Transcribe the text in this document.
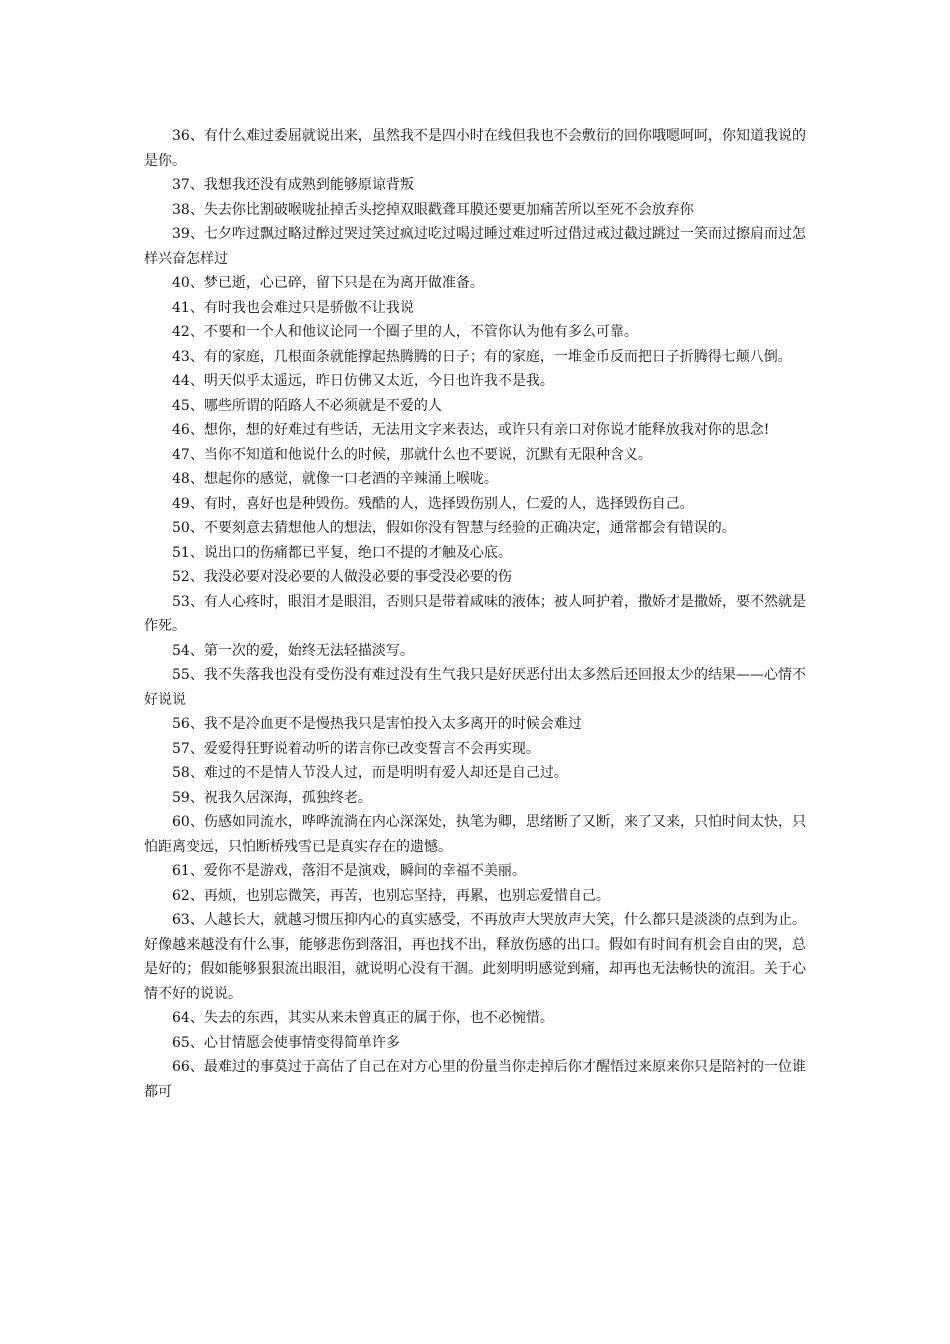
36、有什么难过委屈就说出来，虽然我不是四小时在线但我也不会敷衍的回你哦嗯呵呵，你知道我说的是你。

37、我想我还没有成熟到能够原谅背叛

38、失去你比割破喉咙扯掉舌头挖掉双眼戳聋耳膜还要更加痛苦所以至死不会放弃你

39、七夕咋过飘过略过醉过哭过笑过疯过吃过喝过睡过难过听过借过戒过截过跳过一笑而过擦肩而过怎样兴奋怎样过

40、梦已逝，心已碎，留下只是在为离开做准备。

41、有时我也会难过只是骄傲不让我说

42、不要和一个人和他议论同一个圈子里的人，不管你认为他有多么可靠。

43、有的家庭，几根面条就能撑起热腾腾的日子；有的家庭，一堆金币反而把日子折腾得七颠八倒。

44、明天似乎太遥远，昨日仿佛又太近，今日也许我不是我。

45、哪些所谓的陌路人不必须就是不爱的人

46、想你，想的好难过有些话，无法用文字来表达，或许只有亲口对你说才能释放我对你的思念!

47、当你不知道和他说什么的时候，那就什么也不要说，沉默有无限种含义。

48、想起你的感觉，就像一口老酒的辛辣涌上喉咙。

49、有时，喜好也是种毁伤。残酷的人，选择毁伤别人，仁爱的人，选择毁伤自己。

50、不要刻意去猜想他人的想法，假如你没有智慧与经验的正确决定，通常都会有错误的。

51、说出口的伤痛都已平复，绝口不提的才触及心底。

52、我没必要对没必要的人做没必要的事受没必要的伤

53、有人心疼时，眼泪才是眼泪，否则只是带着咸味的液体；被人呵护着，撒娇才是撒娇，要不然就是作死。

54、第一次的爱，始终无法轻描淡写。

55、我不失落我也没有受伤没有难过没有生气我只是好厌恶付出太多然后还回报太少的结果——心情不好说说

56、我不是冷血更不是慢热我只是害怕投入太多离开的时候会难过

57、爱爱得狂野说着动听的诺言你已改变誓言不会再实现。

58、难过的不是情人节没人过，而是明明有爱人却还是自己过。

59、祝我久居深海，孤独终老。

60、伤感如同流水，哗哗流淌在内心深深处，执笔为卿，思绪断了又断，来了又来，只怕时间太快，只怕距离变远，只怕断桥残雪已是真实存在的遗憾。

61、爱你不是游戏，落泪不是演戏，瞬间的幸福不美丽。

62、再烦，也别忘微笑，再苦，也别忘坚持，再累，也别忘爱惜自己。

63、人越长大，就越习惯压抑内心的真实感受，不再放声大哭放声大笑，什么都只是淡淡的点到为止。好像越来越没有什么事，能够悲伤到落泪，再也找不出，释放伤感的出口。假如有时间有机会自由的哭，总是好的；假如能够狠狠流出眼泪，就说明心没有干涸。此刻明明感觉到痛，却再也无法畅快的流泪。关于心情不好的说说。

64、失去的东西，其实从来未曾真正的属于你，也不必惋惜。

65、心甘情愿会使事情变得简单许多

66、最难过的事莫过于高估了自己在对方心里的份量当你走掉后你才醒悟过来原来你只是陪衬的一位谁都可
